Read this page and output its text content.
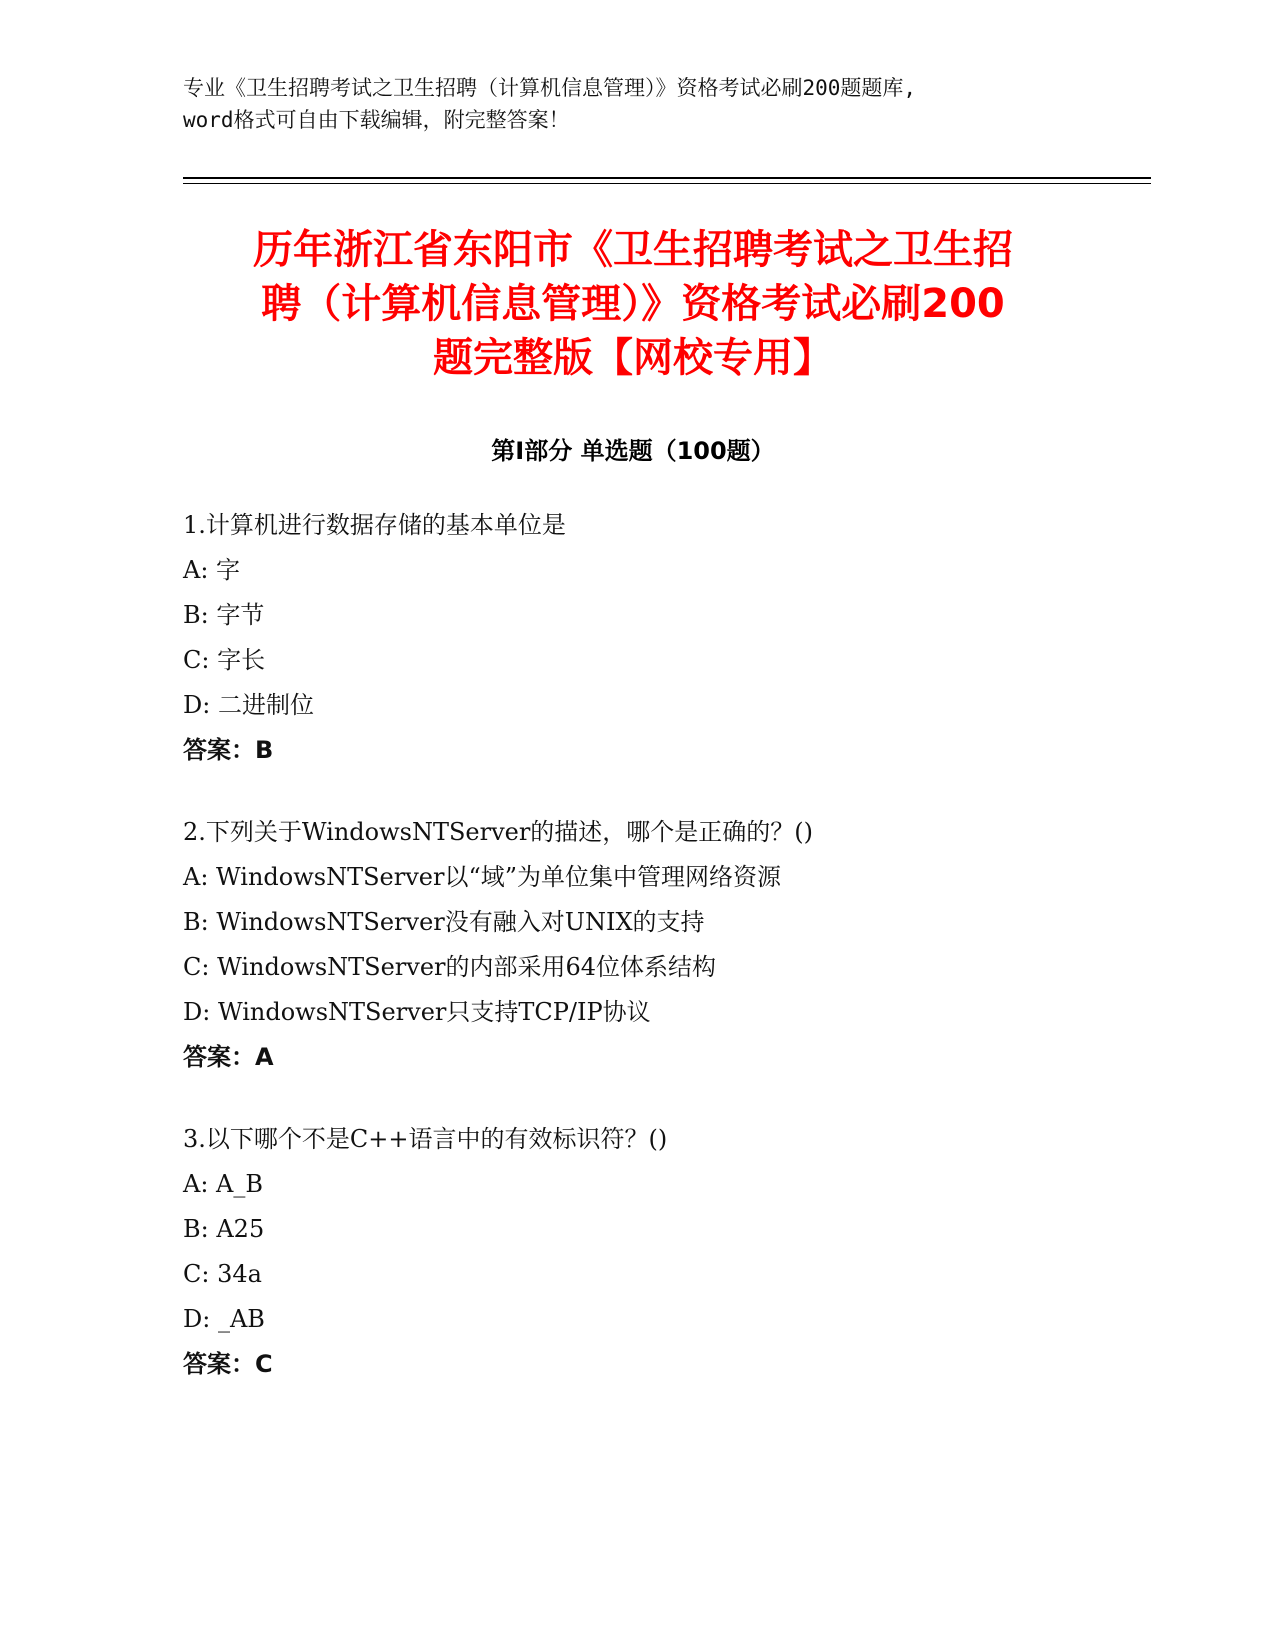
专业《卫生招聘考试之卫生招聘（计算机信息管理）》资格考试必刷200题题库,
word格式可自由下载编辑，附完整答案！
历年浙江省东阳市《卫生招聘考试之卫生招
聘（计算机信息管理）》资格考试必刷200
题完整版【网校专用】
第Ⅰ部分 单选题（100题）
1.计算机进行数据存储的基本单位是
A: 字
B: 字节
C: 字长
D: 二进制位
答案：B
2.下列关于WindowsNTServer的描述，哪个是正确的？()
A: WindowsNTServer以“域”为单位集中管理网络资源
B: WindowsNTServer没有融入对UNIX的支持
C: WindowsNTServer的内部采用64位体系结构
D: WindowsNTServer只支持TCP/IP协议
答案：A
3.以下哪个不是C++语言中的有效标识符？()
A: A_B
B: A25
C: 34a
D: _AB
答案：C
